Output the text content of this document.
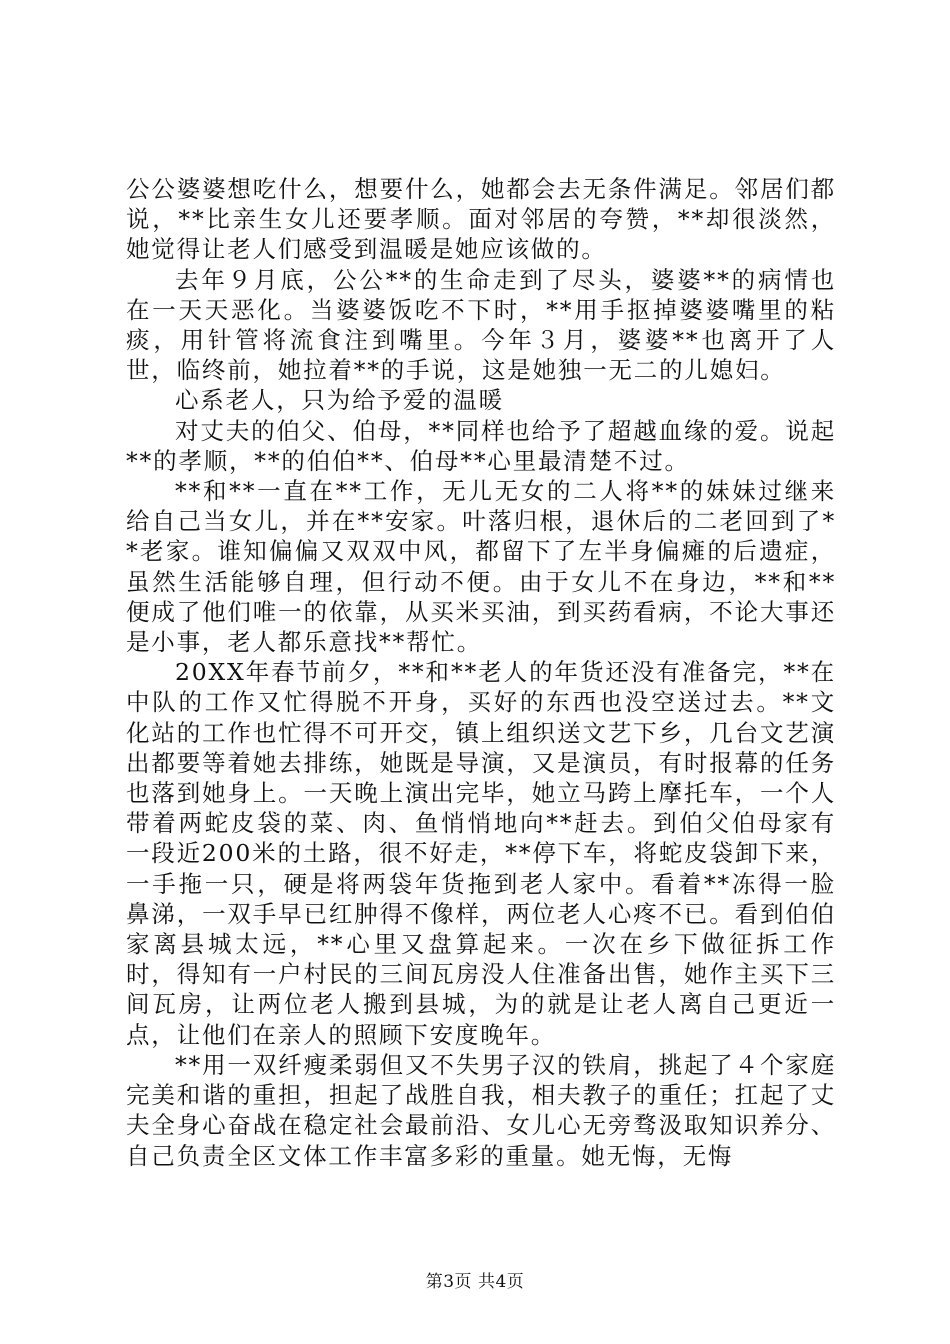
公公婆婆想吃什么，想要什么，她都会去无条件满足。邻居们都说，**比亲生女儿还要孝顺。面对邻居的夸赞，**却很淡然，她觉得让老人们感受到温暖是她应该做的。

去年９月底，公公**的生命走到了尽头，婆婆**的病情也在一天天恶化。当婆婆饭吃不下时，**用手抠掉婆婆嘴里的粘痰，用针管将流食注到嘴里。今年３月，婆婆**也离开了人世，临终前，她拉着**的手说，这是她独一无二的儿媳妇。

心系老人，只为给予爱的温暖

对丈夫的伯父、伯母，**同样也给予了超越血缘的爱。说起**的孝顺，**的伯伯**、伯母**心里最清楚不过。

**和**一直在**工作，无儿无女的二人将**的妹妹过继来给自己当女儿，并在**安家。叶落归根，退休后的二老回到了**老家。谁知偏偏又双双中风，都留下了左半身偏瘫的后遗症，虽然生活能够自理，但行动不便。由于女儿不在身边，**和**便成了他们唯一的依靠，从买米买油，到买药看病，不论大事还是小事，老人都乐意找**帮忙。

20XX年春节前夕，**和**老人的年货还没有准备完，**在中队的工作又忙得脱不开身，买好的东西也没空送过去。**文化站的工作也忙得不可开交，镇上组织送文艺下乡，几台文艺演出都要等着她去排练，她既是导演，又是演员，有时报幕的任务也落到她身上。一天晚上演出完毕，她立马跨上摩托车，一个人带着两蛇皮袋的菜、肉、鱼悄悄地向**赶去。到伯父伯母家有一段近200米的土路，很不好走，**停下车，将蛇皮袋卸下来，一手拖一只，硬是将两袋年货拖到老人家中。看着**冻得一脸鼻涕，一双手早已红肿得不像样，两位老人心疼不已。看到伯伯家离县城太远，**心里又盘算起来。一次在乡下做征拆工作时，得知有一户村民的三间瓦房没人住准备出售，她作主买下三间瓦房，让两位老人搬到县城，为的就是让老人离自己更近一点，让他们在亲人的照顾下安度晚年。

**用一双纤瘦柔弱但又不失男子汉的铁肩，挑起了４个家庭完美和谐的重担，担起了战胜自我，相夫教子的重任；扛起了丈夫全身心奋战在稳定社会最前沿、女儿心无旁骛汲取知识养分、自己负责全区文体工作丰富多彩的重量。她无悔，无悔

第3页 共4页
